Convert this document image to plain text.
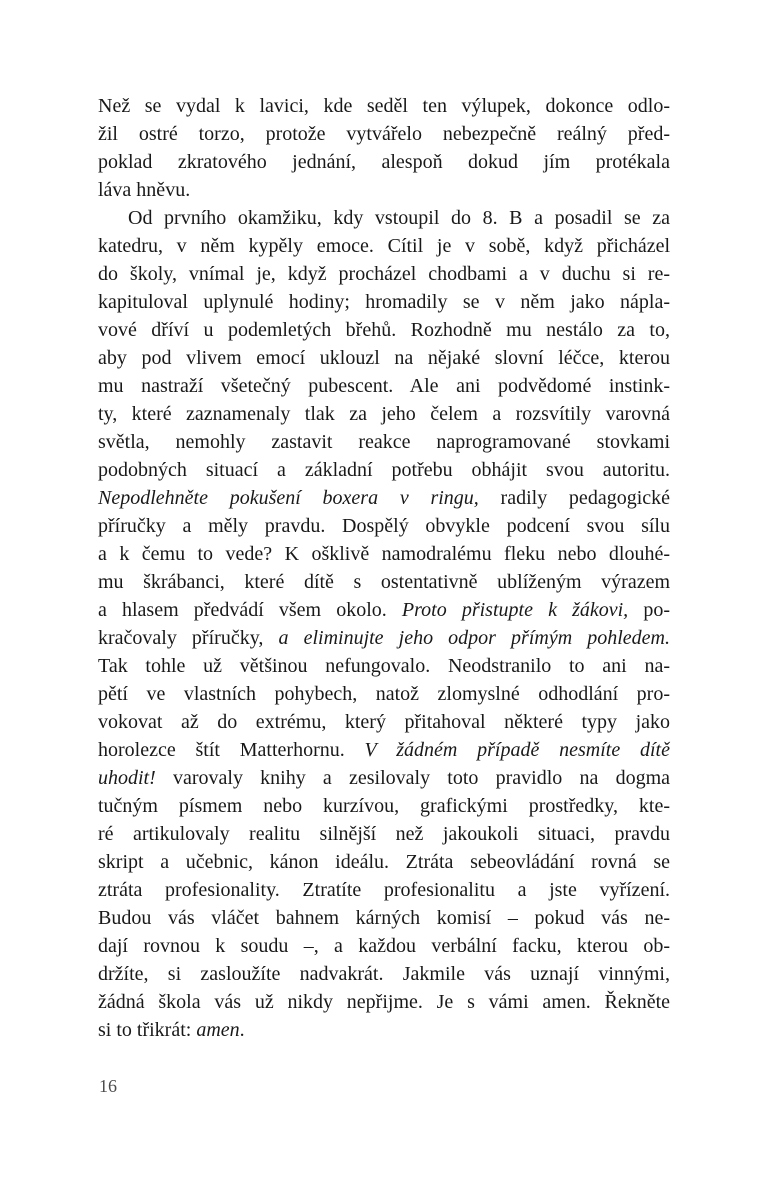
Než se vydal k lavici, kde seděl ten výlupek, dokonce odlo-
žil ostré torzo, protože vytvářelo nebezpečně reálný před-
poklad zkratového jednání, alespoň dokud jím protékala
láva hněvu.
Od prvního okamžiku, kdy vstoupil do 8. B a posadil se za
katedru, v něm kypěly emoce. Cítil je v sobě, když přicházel
do školy, vnímal je, když procházel chodbami a v duchu si re-
kapituloval uplynulé hodiny; hromadily se v něm jako nápla-
vové dříví u podemletých břehů. Rozhodně mu nestálo za to,
aby pod vlivem emocí uklouzl na nějaké slovní léčce, kterou
mu nastraží všetečný pubescent. Ale ani podvědomé instink-
ty, které zaznamenaly tlak za jeho čelem a rozsvítily varovná
světla, nemohly zastavit reakce naprogramované stovkami
podobných situací a základní potřebu obhájit svou autoritu.
Nepodlehněte pokušení boxera v ringu, radily pedagogické
příručky a měly pravdu. Dospělý obvykle podcení svou sílu
a k čemu to vede? K ošklivě namodralému fleku nebo dlouhé-
mu škrábanci, které dítě s ostentativně ublíženým výrazem
a hlasem předvádí všem okolo. Proto přistupte k žákovi, po-
kračovaly příručky, a eliminujte jeho odpor přímým pohledem.
Tak tohle už většinou nefungovalo. Neodstranilo to ani na-
pětí ve vlastních pohybech, natož zlomyslné odhodlání pro-
vokovat až do extrému, který přitahoval některé typy jako
horolezce štít Matterhornu. V žádném případě nesmíte dítě
uhodit! varovaly knihy a zesilovaly toto pravidlo na dogma
tučným písmem nebo kurzívou, grafickými prostředky, kte-
ré artikulovaly realitu silnější než jakoukoli situaci, pravdu
skript a učebnic, kánon ideálu. Ztráta sebeovládání rovná se
ztráta profesionality. Ztratíte profesionalitu a jste vyřízení.
Budou vás vláčet bahnem kárných komisí – pokud vás ne-
dají rovnou k soudu –, a každou verbální facku, kterou ob-
držíte, si zasloužíte nadvakrát. Jakmile vás uznají vinnými,
žádná škola vás už nikdy nepřijme. Je s vámi amen. Řekněte
si to třikrát: amen.
16
